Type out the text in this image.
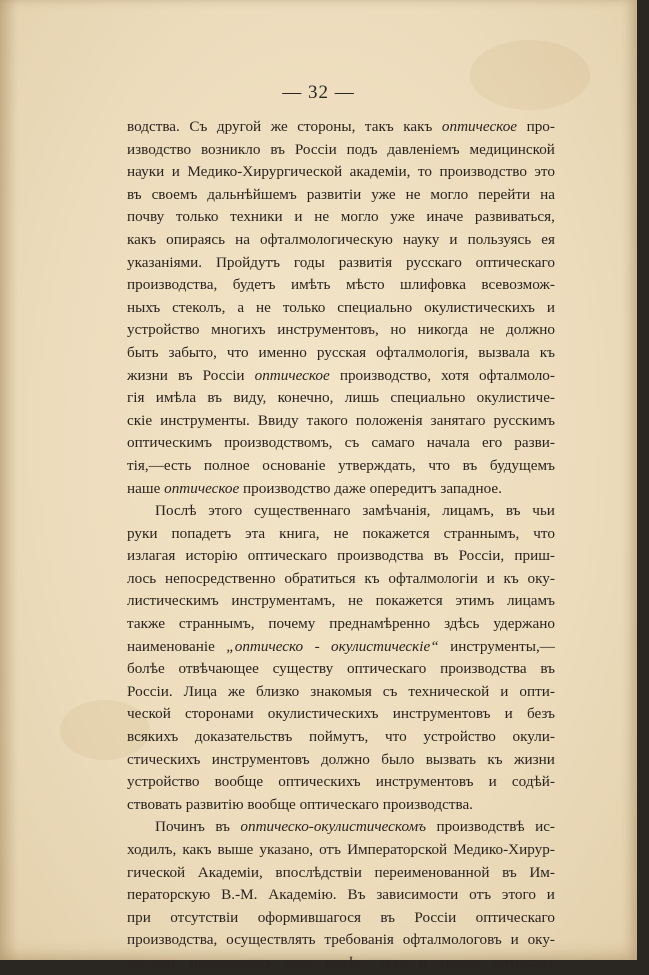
— 32 —
водства. Съ другой же стороны, такъ какъ оптическое про-
изводство возникло въ Россіи подъ давленіемъ медицинской
науки и Медико-Хирургической академіи, то производство это
въ своемъ дальнѣйшемъ развитіи уже не могло перейти на
почву только техники и не могло уже иначе развиваться,
какъ опираясь на офталмологическую науку и пользуясь ея
указаніями. Пройдутъ годы развитія русскаго оптическаго
производства, будетъ имѣть мѣсто шлифовка всевозмож-
ныхъ стеколъ, а не только специально окулистическихъ и
устройство многихъ инструментовъ, но никогда не должно
быть забыто, что именно русская офталмологія, вызвала къ
жизни въ Россіи оптическое производство, хотя офталмоло-
гія имѣла въ виду, конечно, лишь специально окулистиче-
скіе инструменты. Ввиду такого положенія занятаго русскимъ
оптическимъ производствомъ, съ самаго начала его разви-
тія,—есть полное основаніе утверждать, что въ будущемъ
наше
оптическое
производство
даже
опередитъ
западное.
Послѣ этого существеннаго замѣчанія, лицамъ, въ чьи
руки попадетъ эта книга, не покажется страннымъ, что
излагая исторію оптическаго производства въ Россіи, приш-
лось непосредственно обратиться къ офталмологіи и къ оку-
листическимъ инструментамъ, не покажется этимъ лицамъ
также страннымъ, почему преднамѣренно здѣсь удержано
наименованіе „оптическо - окулистическіе“ инструменты,—
болѣе отвѣчающее существу оптическаго производства въ
Россіи. Лица же близко знакомыя съ технической и опти-
ческой сторонами окулистическихъ инструментовъ и безъ
всякихъ доказательствъ поймутъ, что устройство окули-
стическихъ инструментовъ должно было вызвать къ жизни
устройство вообще оптическихъ инструментовъ и содѣй-
ствовать
развитію
вообще
оптическаго
производства.
Починъ въ оптическо-окулистическомъ производствѣ ис-
ходилъ, какъ выше указано, отъ Императорской Медико-Хирур-
гической Академіи, впослѣдствіи переименованной въ Им-
ператорскую В.-М. Академію. Въ зависимости отъ этого и
при отсутствіи оформившагося въ Россіи оптическаго
производства, осуществлять требованія офталмологовъ и оку-
листовъ приходилось какъ ранѣе, такъ и теперь оптикамъ
